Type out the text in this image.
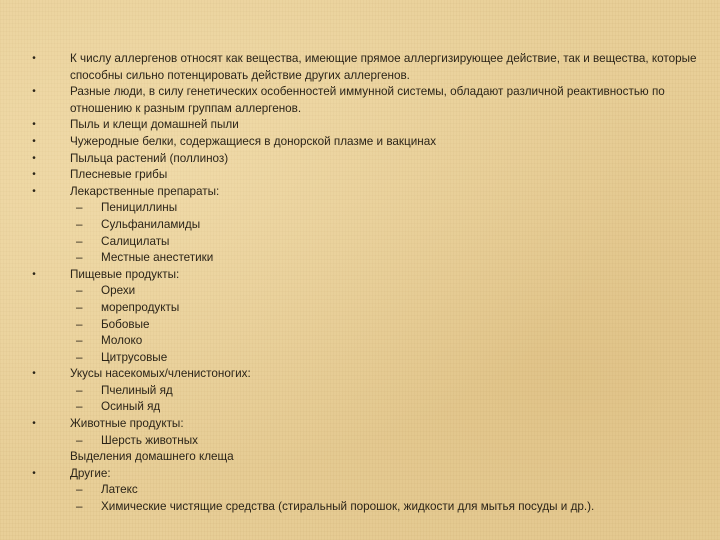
•	К числу аллергенов относят как вещества, имеющие прямое аллергизирующее действие, так и вещества, которые способны сильно потенцировать действие других аллергенов.
•	Разные люди, в силу генетических особенностей иммунной системы, обладают различной реактивностью по отношению к разным группам аллергенов.
•	Пыль и клещи домашней пыли
•	Чужеродные белки, содержащиеся в донорской плазме и вакцинах
•	Пыльца растений (поллиноз)
•	Плесневые грибы
•	Лекарственные препараты:
– Пенициллины
– Сульфаниламиды
– Салицилаты
– Местные анестетики
•	Пищевые продукты:
– Орехи
– морепродукты
– Бобовые
– Молоко
– Цитрусовые
•	Укусы насекомых/членистоногих:
– Пчелиный яд
– Осиный яд
•	Животные продукты:
– Шерсть животных
Выделения домашнего клеща
•	Другие:
– Латекс
– Химические чистящие средства (стиральный порошок, жидкости для мытья посуды и др.).
